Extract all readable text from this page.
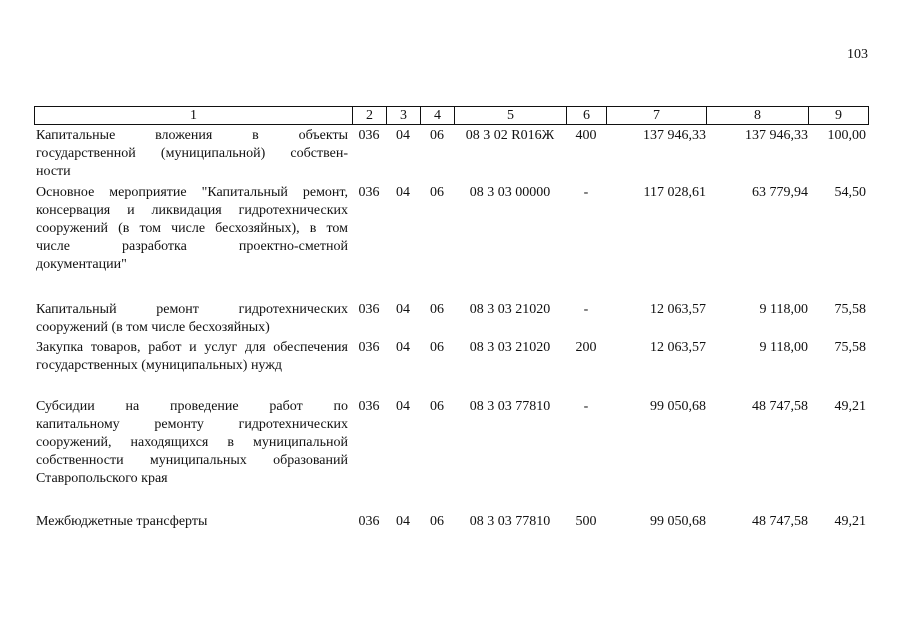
103
1	2	3	4	5	6	7	8	9
Капитальные вложения в объекты
государственной (муниципальной) собствен-
ности
036	04	06	08 3 02 R016Ж	400	137 946,33	137 946,33	100,00
Основное мероприятие "Капитальный ремонт,
консервация и ликвидация гидротехнических
сооружений (в том числе бесхозяйных), в том
числе разработка проектно-сметной
документации"
036	04	06	08 3 03 00000	-	117 028,61	63 779,94	54,50
Капитальный ремонт гидротехнических
сооружений (в том числе бесхозяйных)
036	04	06	08 3 03 21020	-	12 063,57	9 118,00	75,58
Закупка товаров, работ и услуг для обеспечения
государственных (муниципальных) нужд
036	04	06	08 3 03 21020	200	12 063,57	9 118,00	75,58
Субсидии на проведение работ по
капитальному ремонту гидротехнических
сооружений, находящихся в муниципальной
собственности муниципальных образований
Ставропольского края
036	04	06	08 3 03 77810	-	99 050,68	48 747,58	49,21
Межбюджетные трансферты	036	04	06	08 3 03 77810	500	99 050,68	48 747,58	49,21
